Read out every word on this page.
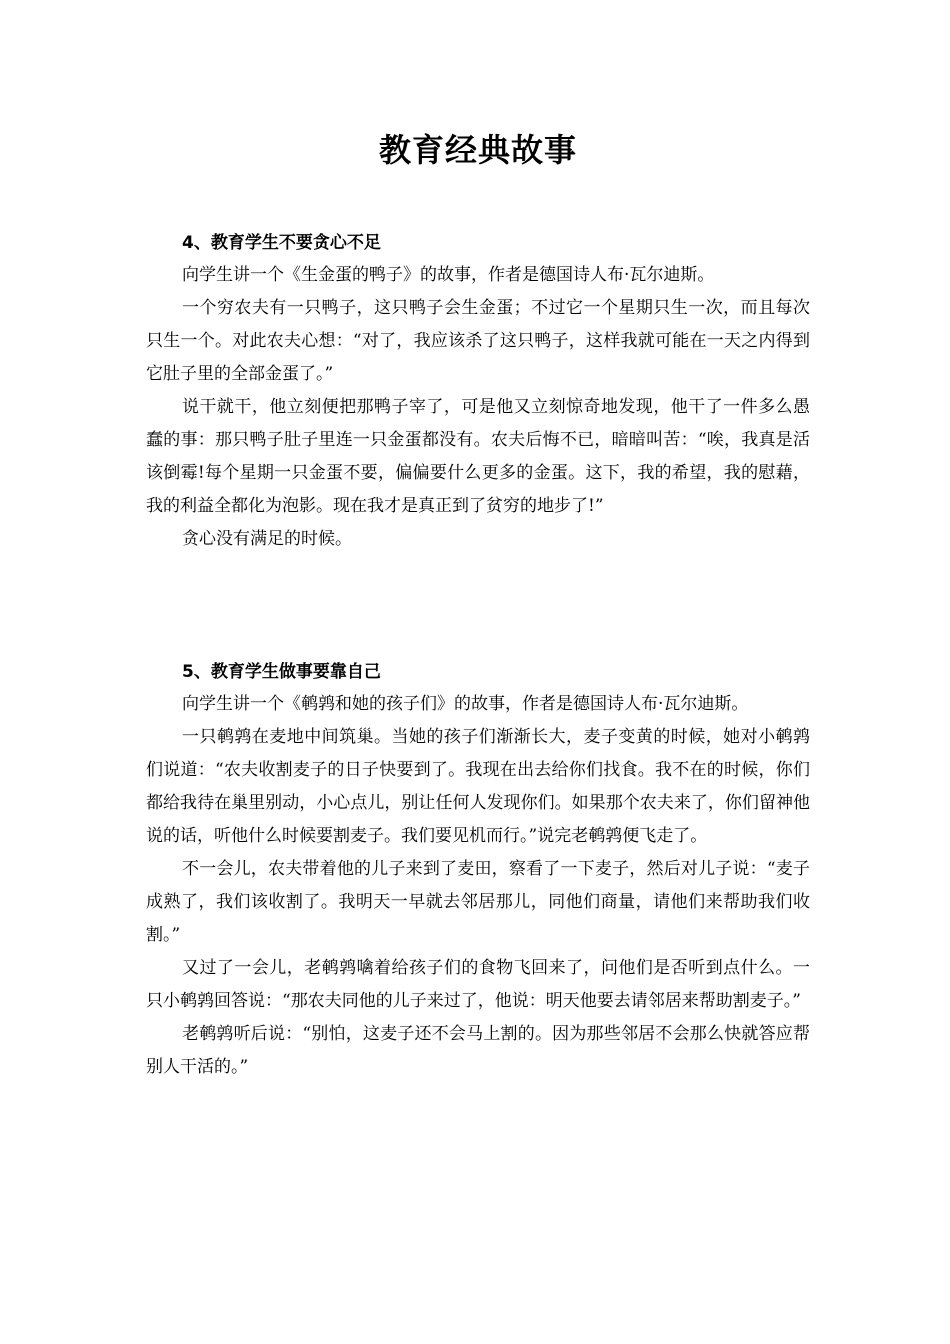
教育经典故事
4、教育学生不要贪心不足

向学生讲一个《生金蛋的鸭子》的故事，作者是德国诗人布·瓦尔迪斯。

一个穷农夫有一只鸭子，这只鸭子会生金蛋；不过它一个星期只生一次，而且每次只生一个。对此农夫心想：“对了，我应该杀了这只鸭子，这样我就可能在一天之内得到它肚子里的全部金蛋了。”

说干就干，他立刻便把那鸭子宰了，可是他又立刻惊奇地发现，他干了一件多么愚蠢的事：那只鸭子肚子里连一只金蛋都没有。农夫后悔不已，暗暗叫苦：“唉，我真是活该倒霉!每个星期一只金蛋不要，偏偏要什么更多的金蛋。这下，我的希望，我的慰藉，我的利益全都化为泡影。现在我才是真正到了贫穷的地步了!”

贪心没有满足的时候。

5、教育学生做事要靠自己

向学生讲一个《鹌鹑和她的孩子们》的故事，作者是德国诗人布·瓦尔迪斯。

一只鹌鹑在麦地中间筑巢。当她的孩子们渐渐长大，麦子变黄的时候，她对小鹌鹑们说道：“农夫收割麦子的日子快要到了。我现在出去给你们找食。我不在的时候，你们都给我待在巢里别动，小心点儿，别让任何人发现你们。如果那个农夫来了，你们留神他说的话，听他什么时候要割麦子。我们要见机而行。”说完老鹌鹑便飞走了。

不一会儿，农夫带着他的儿子来到了麦田，察看了一下麦子，然后对儿子说：“麦子成熟了，我们该收割了。我明天一早就去邻居那儿，同他们商量，请他们来帮助我们收割。”

又过了一会儿，老鹌鹑噙着给孩子们的食物飞回来了，问他们是否听到点什么。一只小鹌鹑回答说：“那农夫同他的儿子来过了，他说：明天他要去请邻居来帮助割麦子。”

老鹌鹑听后说：“别怕，这麦子还不会马上割的。因为那些邻居不会那么快就答应帮别人干活的。”
